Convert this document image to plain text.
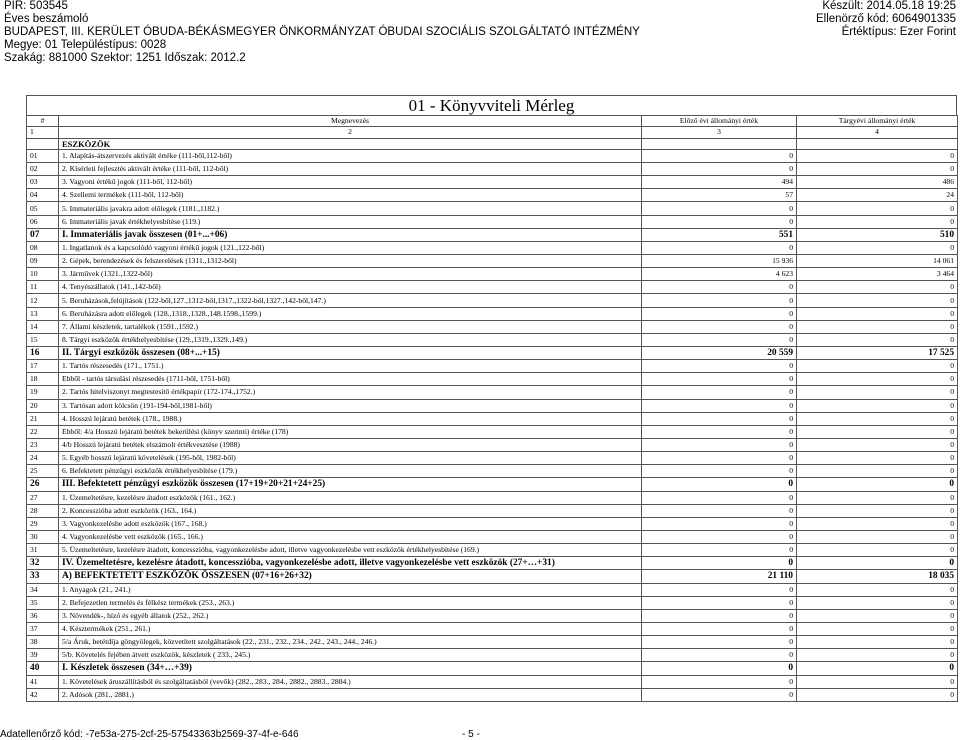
PIR: 503545	Készült: 2014.05.18 19:25
Éves beszámoló	Ellenörző kód: 6064901335
BUDAPEST, III. KERÜLET ÓBUDA-BÉKÁSMEGYER ÖNKORMÁNYZAT ÓBUDAI SZOCIÁLIS SZOLGÁLTATÓ INTÉZMÉNY	Értéktípus: Ezer Forint
Megye: 01 Településtípus: 0028
Szakág: 881000 Szektor: 1251 Időszak: 2012.2
01 - Könyvviteli Mérleg
#	Megnevezés	Előző évi állományi érték	Tárgyévi állományi érték
1	2	3	4
	ESZKÖZÖK		
01	1. Alapítás-átszervezés aktivált értéke (111-ből,112-ből)	0	0
02	2. Kísérleti fejlesztés aktivált értéke (111-ből, 112-ből)	0	0
03	3. Vagyoni értékű jogok (111-ből, 112-ből)	494	486
04	4. Szellemi termékek (111-ből, 112-ből)	57	24
05	5. Immateriális javakra adott előlegek (1181.,1182.)	0	0
06	6. Immateriális javak értékhelyesbítése (119.)	0	0
07	I. Immateriális javak összesen (01+...+06)	551	510
08	1. Ingatlanok és a kapcsolódó vagyoni értékű jogok (121.,122-ből)	0	0
09	2. Gépek, berendezések és felszerelések (1311.,1312-ből)	15 936	14 061
10	3. Járművek (1321.,1322-ből)	4 623	3 464
11	4. Tenyészállatok (141.,142-ből)	0	0
12	5. Beruházások,felújítások (122-ből,127.,1312-ből,1317.,1322-ből,1327.,142-ből,147.)	0	0
13	6. Beruházásra adott előlegek (128.,1318.,1328.,148.1598.,1599.)	0	0
14	7. Állami készletek, tartalékok (1591.,1592.)	0	0
15	8. Tárgyi eszközök értékhelyesbítése (129.,1319.,1329.,149.)	0	0
16	II. Tárgyi eszközök összesen (08+...+15)	20 559	17 525
17	1. Tartós részesedés (171., 1751.)	0	0
18	Ebből - tartós társulási részesedés (1711-ből, 1751-ből)	0	0
19	2. Tartós hitelviszonyt megtestesítő értékpapír (172-174.,1752.)	0	0
20	3. Tartósan adott kölcsön (191-194-ből,1981-ből)	0	0
21	4. Hosszú lejáratú betétek (178., 1988.)	0	0
22	Ebből: 4/a Hosszú lejáratú betétek bekerülési (könyv szerinti) értéke (178)	0	0
23	4/b Hosszú lejáratú betétek elszámolt értékvesztése (1988)	0	0
24	5. Egyéb hosszú lejáratú követelések (195-ből, 1982-ből)	0	0
25	6. Befektetett pénzügyi eszközök értékhelyesbítése (179.)	0	0
26	III. Befektetett pénzügyi eszközök összesen (17+19+20+21+24+25)	0	0
27	1. Üzemeltetésre, kezelésre átadott eszközök (161., 162.)	0	0
28	2. Koncesszióba adott eszközök (163., 164.)	0	0
29	3. Vagyonkezelésbe adott eszközök (167., 168.)	0	0
30	4. Vagyonkezelésbe vett eszközök (165., 166.)	0	0
31	5. Üzemeltetésre, kezelésre átadott, koncesszióba, vagyonkezelésbe adott, illetve vagyonkezelésbe vett eszközök értékhelyesbítése (169.)	0	0
32	IV. Üzemeltetésre, kezelésre átadott, koncesszióba, vagyonkezelésbe adott, illetve vagyonkezelésbe vett eszközök (27+…+31)	0	0
33	A) BEFEKTETETT ESZKÖZÖK ÖSSZESEN (07+16+26+32)	21 110	18 035
34	1. Anyagok (21., 241.)	0	0
35	2. Befejezetlen termelés és félkész termékek (253., 263.)	0	0
36	3. Növendék-, hízó és egyéb állatok (252., 262.)	0	0
37	4. Késztermékek (251., 261.)	0	0
38	5/a Áruk, betétdíja göngyölegek, közvetített szolgáltatások (22., 231., 232., 234., 242., 243., 244., 246.)	0	0
39	5/b. Követelés fejében átvett eszközök, készletek ( 233., 245.)	0	0
40	I. Készletek összesen (34+…+39)	0	0
41	1. Követelések áruszállításból és szolgáltatásból (vevők) (282., 283., 284., 2882., 2883., 2884.)	0	0
42	2. Adósok (281., 2881.)	0	0
Adatellenőrző kód: -7e53a-275-2cf-25-57543363b2569-37-4f-e-646	- 5 -
